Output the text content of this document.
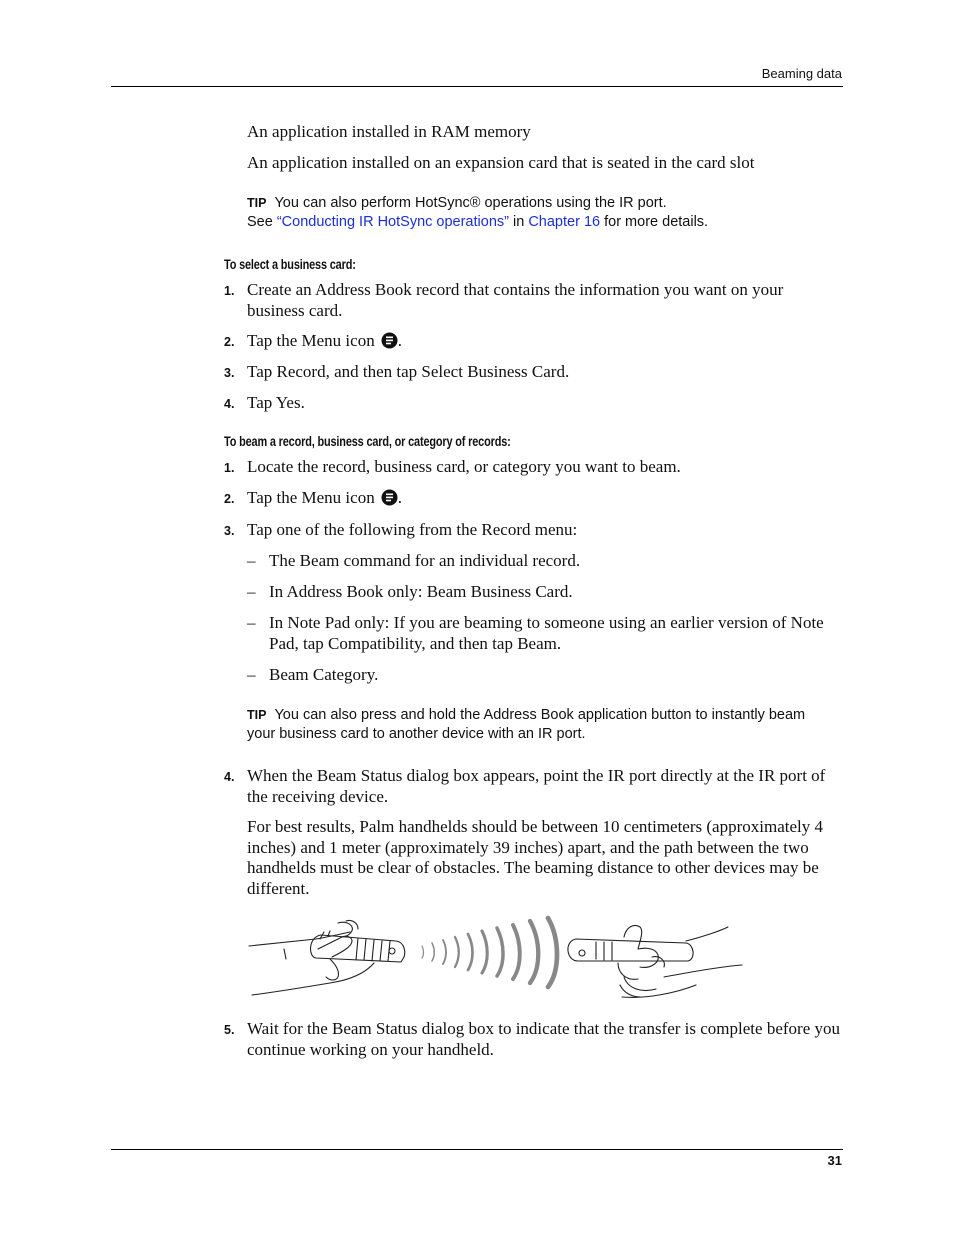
Beaming data
An application installed in RAM memory
An application installed on an expansion card that is seated in the card slot
TIP You can also perform HotSync® operations using the IR port.
See “Conducting IR HotSync operations” in Chapter 16 for more details.
To select a business card:
1. Create an Address Book record that contains the information you want on your business card.
2. Tap the Menu icon .
3. Tap Record, and then tap Select Business Card.
4. Tap Yes.
To beam a record, business card, or category of records:
1. Locate the record, business card, or category you want to beam.
2. Tap the Menu icon .
3. Tap one of the following from the Record menu:
– The Beam command for an individual record.
– In Address Book only: Beam Business Card.
– In Note Pad only: If you are beaming to someone using an earlier version of Note Pad, tap Compatibility, and then tap Beam.
– Beam Category.
TIP You can also press and hold the Address Book application button to instantly beam your business card to another device with an IR port.
4. When the Beam Status dialog box appears, point the IR port directly at the IR port of the receiving device.
For best results, Palm handhelds should be between 10 centimeters (approximately 4 inches) and 1 meter (approximately 39 inches) apart, and the path between the two handhelds must be clear of obstacles. The beaming distance to other devices may be different.
5. Wait for the Beam Status dialog box to indicate that the transfer is complete before you continue working on your handheld.
31
